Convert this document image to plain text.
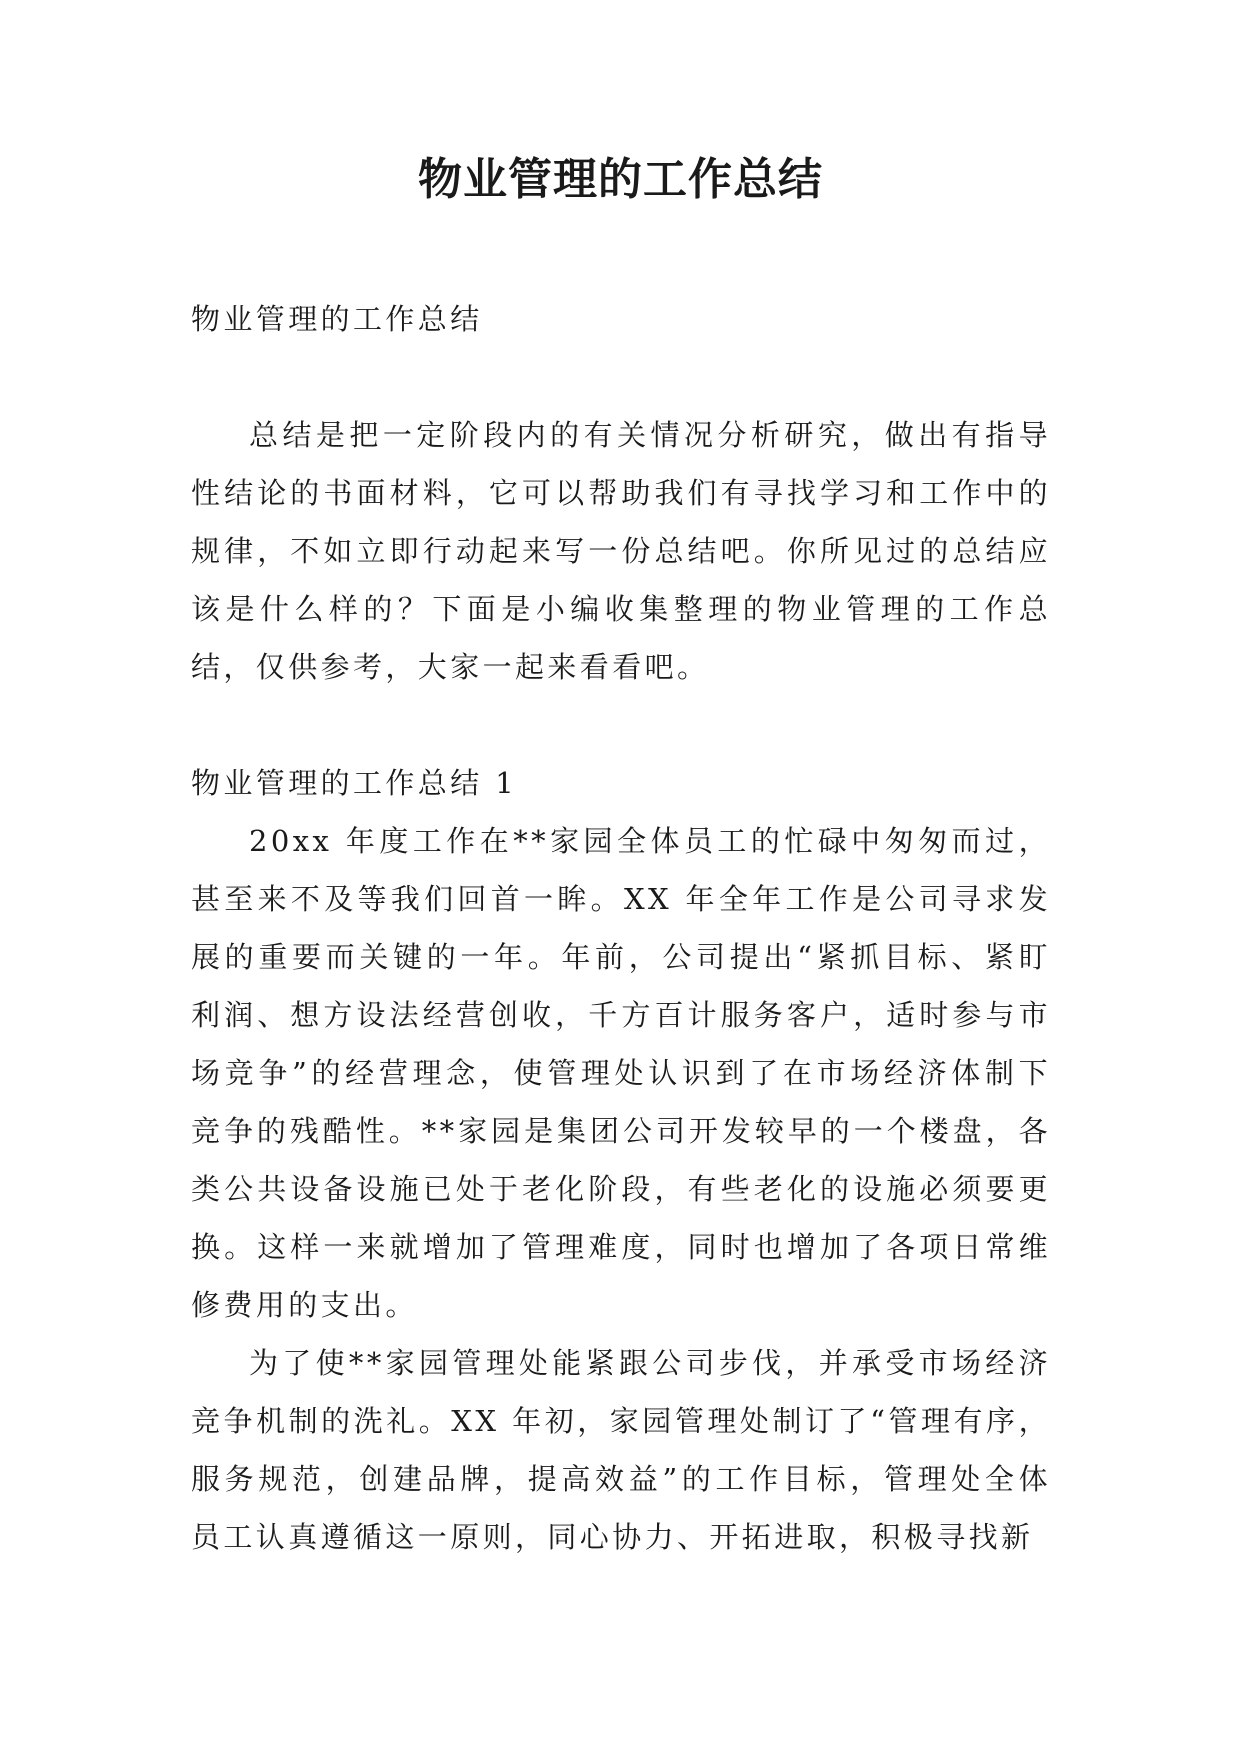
物业管理的工作总结

物业管理的工作总结

总结是把一定阶段内的有关情况分析研究，做出有指导性结论的书面材料，它可以帮助我们有寻找学习和工作中的规律，不如立即行动起来写一份总结吧。你所见过的总结应该是什么样的？下面是小编收集整理的物业管理的工作总结，仅供参考，大家一起来看看吧。

物业管理的工作总结 1

20xx 年度工作在**家园全体员工的忙碌中匆匆而过，甚至来不及等我们回首一眸。XX 年全年工作是公司寻求发展的重要而关键的一年。年前，公司提出“紧抓目标、紧盯利润、想方设法经营创收，千方百计服务客户，适时参与市场竞争”的经营理念，使管理处认识到了在市场经济体制下竞争的残酷性。**家园是集团公司开发较早的一个楼盘，各类公共设备设施已处于老化阶段，有些老化的设施必须要更换。这样一来就增加了管理难度，同时也增加了各项日常维修费用的支出。

为了使**家园管理处能紧跟公司步伐，并承受市场经济竞争机制的洗礼。XX 年初，家园管理处制订了“管理有序，服务规范，创建品牌，提高效益”的工作目标，管理处全体员工认真遵循这一原则，同心协力、开拓进取，积极寻找新
